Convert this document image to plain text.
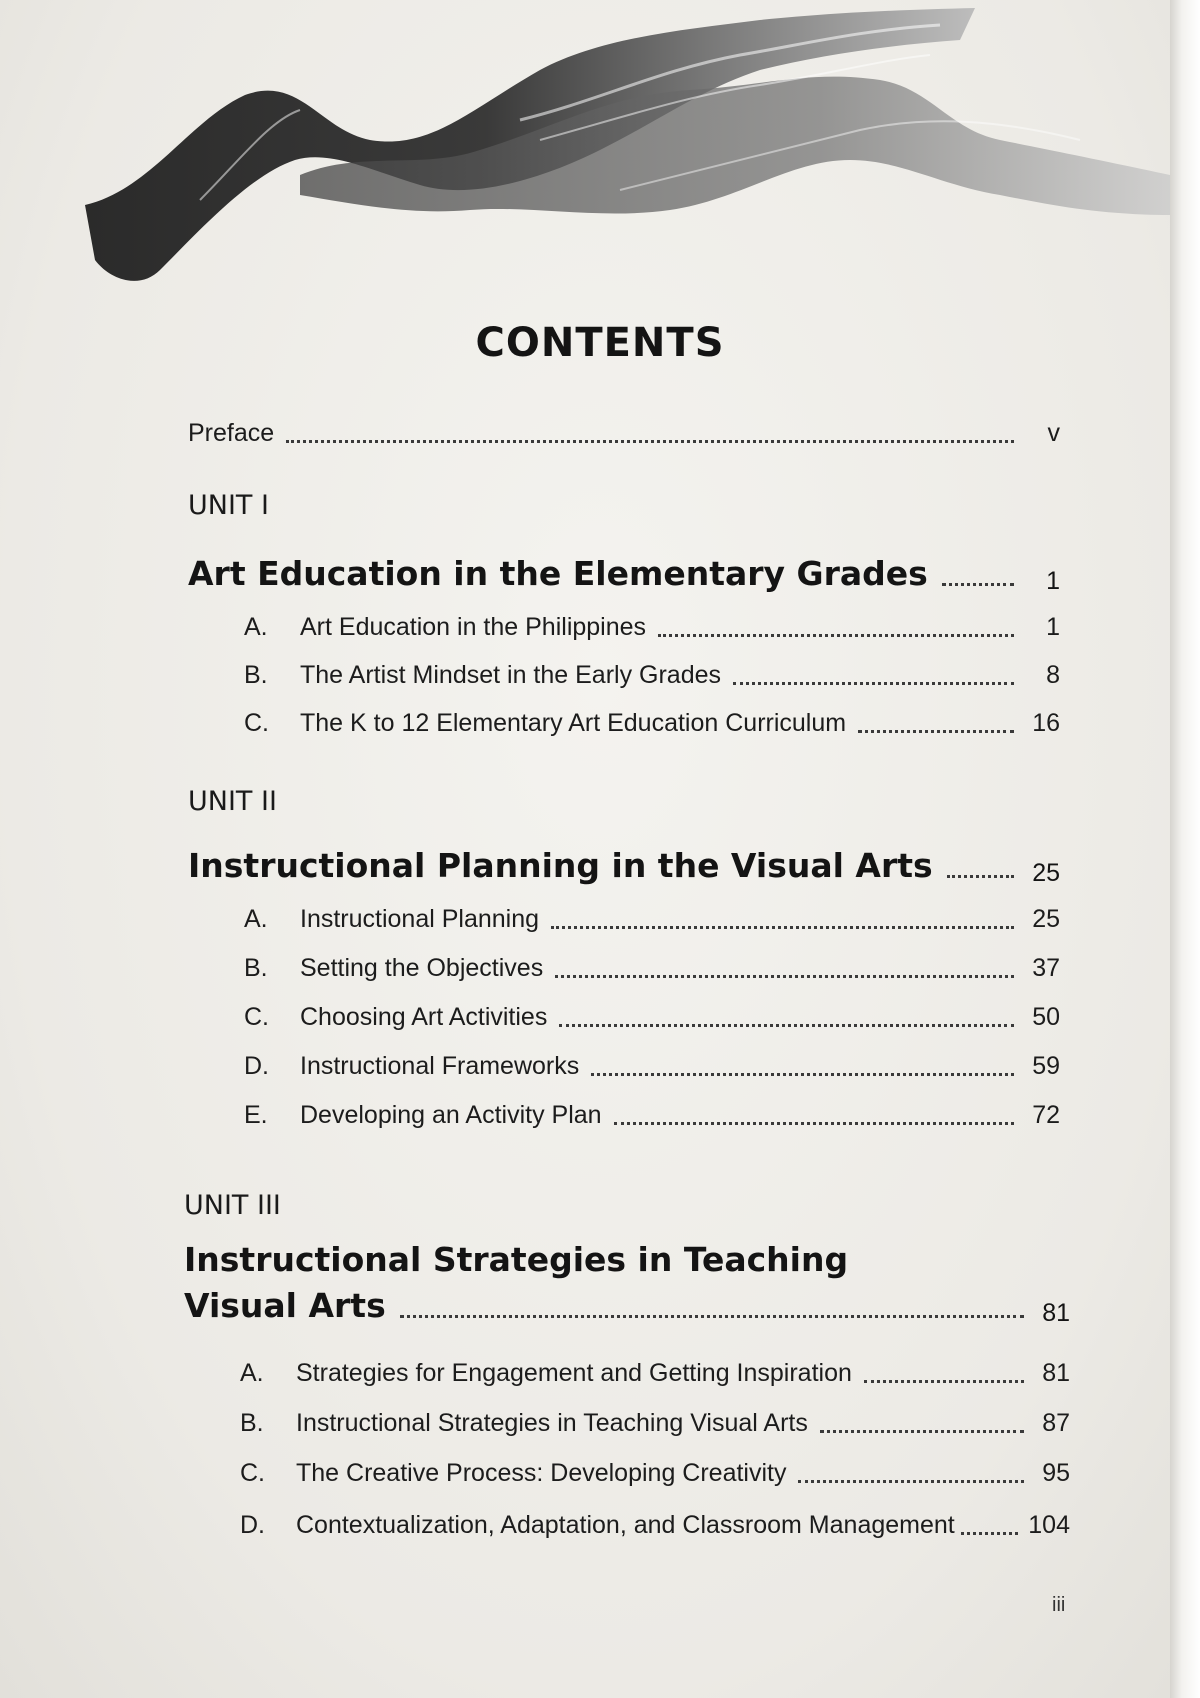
CONTENTS
Preface	v
UNIT I
Art Education in the Elementary Grades	1
A.	Art Education in the Philippines	1
B.	The Artist Mindset in the Early Grades	8
C.	The K to 12 Elementary Art Education Curriculum	16
UNIT II
Instructional Planning in the Visual Arts	25
A.	Instructional Planning	25
B.	Setting the Objectives	37
C.	Choosing Art Activities	50
D.	Instructional Frameworks	59
E.	Developing an Activity Plan	72
UNIT III
Instructional Strategies in Teaching
Visual Arts	81
A.	Strategies for Engagement and Getting Inspiration	81
B.	Instructional Strategies in Teaching Visual Arts	87
C.	The Creative Process: Developing Creativity	95
D.	Contextualization, Adaptation, and Classroom Management	104
iii
